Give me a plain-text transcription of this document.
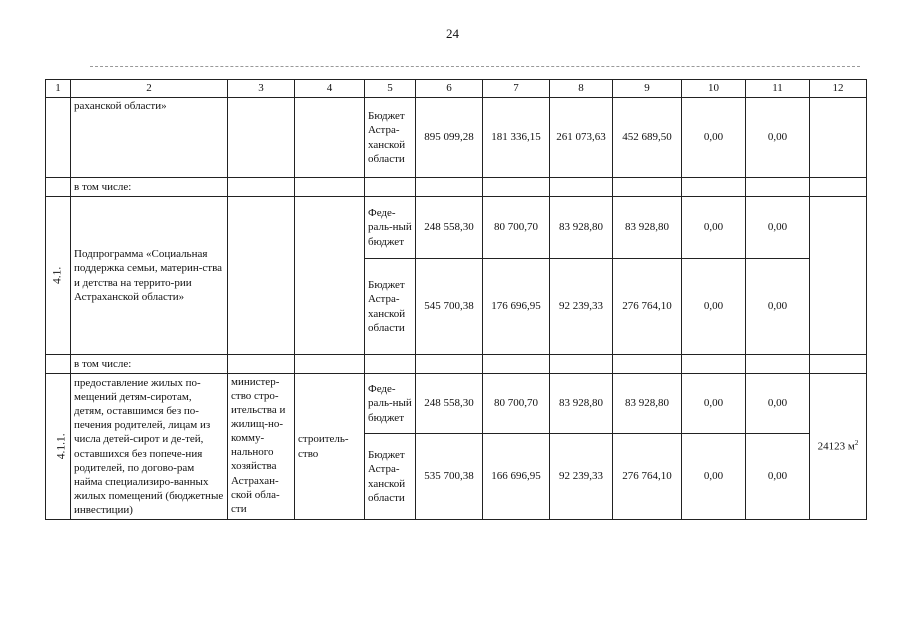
24
1	2	3	4	5	6	7	8	9	10	11	12
	раханской области»			Бюджет Астра-ханской области	895 099,28	181 336,15	261 073,63	452 689,50	0,00	0,00	
	в том числе:										
4.1.	Подпрограмма «Социальная поддержка семьи, материн-ства и детства на террито-рии Астраханской области»			Феде-раль-ный бюджет	248 558,30	80 700,70	83 928,80	83 928,80	0,00	0,00	
				Бюджет Астра-ханской области	545 700,38	176 696,95	92 239,33	276 764,10	0,00	0,00	
	в том числе:										
4.1.1.	предоставление жилых по-мещений детям-сиротам, детям, оставшимся без по-печения родителей, лицам из числа детей-сирот и де-тей, оставшихся без попече-ния родителей, по догово-рам найма специализиро-ванных жилых помещений (бюджетные инвестиции)	министер-ство стро-ительства и жилищ-но-комму-нального хозяйства Астрахан-ской обла-сти	строитель-ство	Феде-раль-ный бюджет	248 558,30	80 700,70	83 928,80	83 928,80	0,00	0,00	24123 $м^2$
				Бюджет Астра-ханской области	535 700,38	166 696,95	92 239,33	276 764,10	0,00	0,00	
